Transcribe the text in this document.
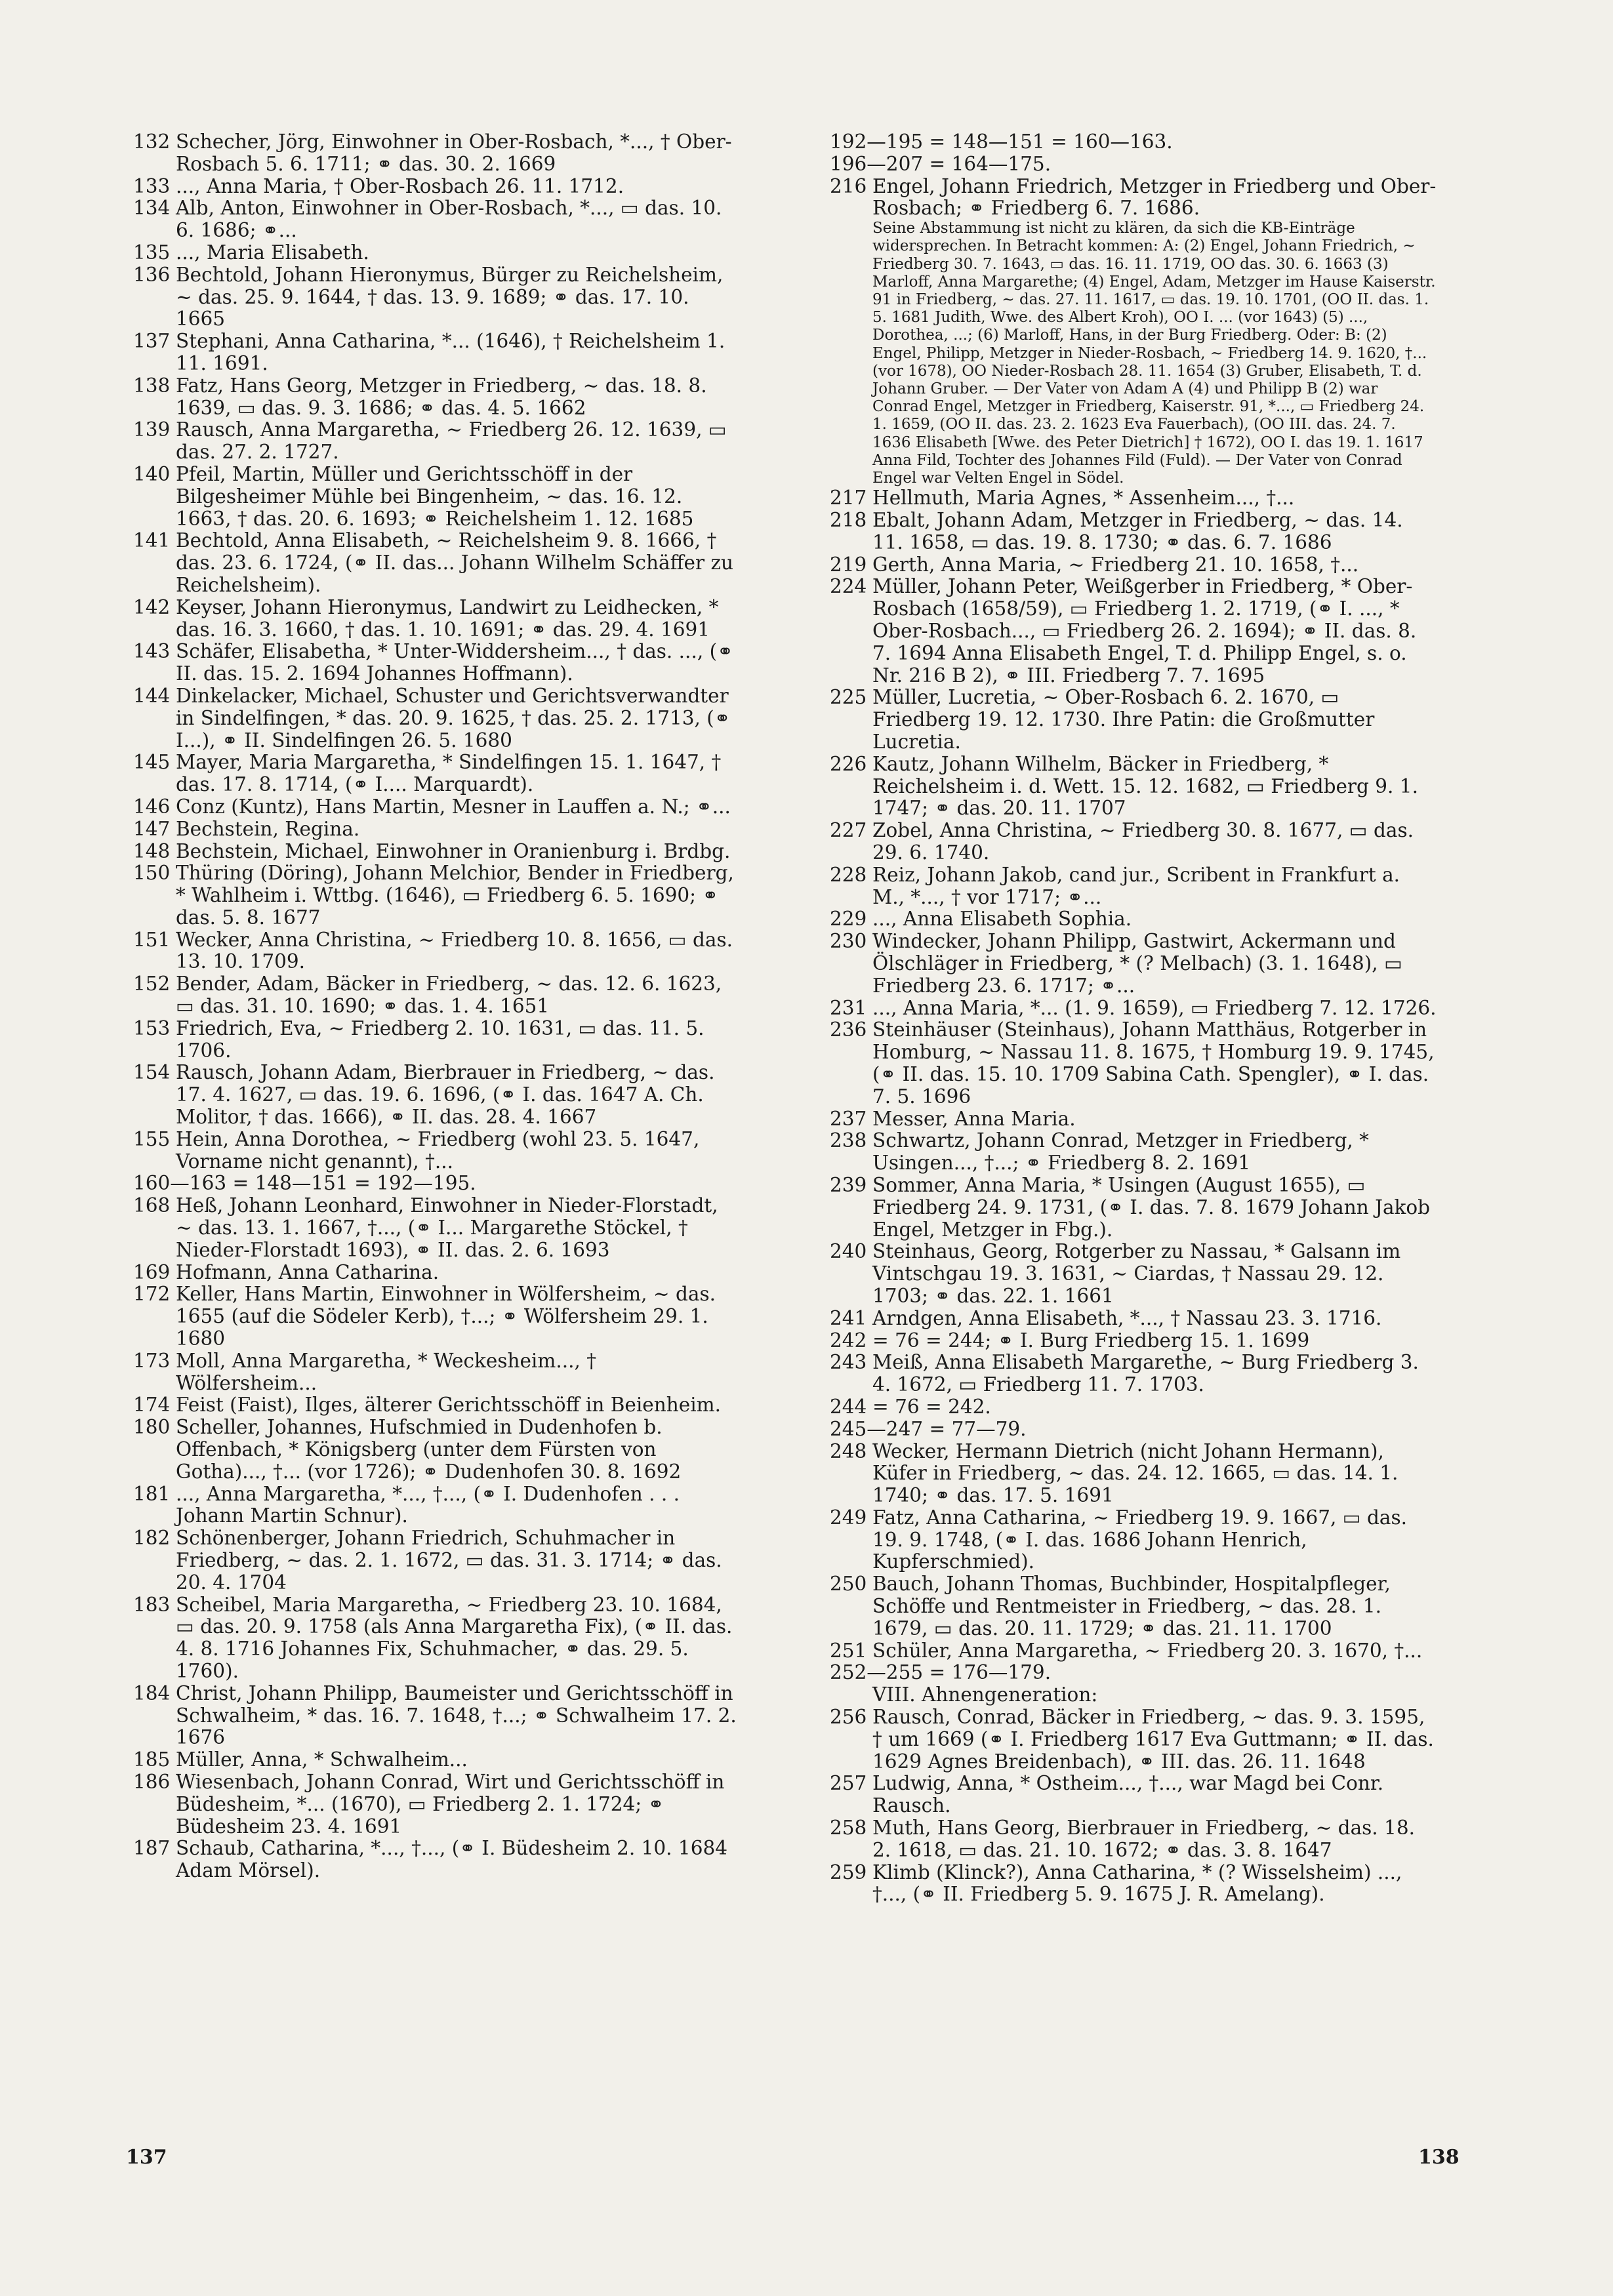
132 Schecher, Jörg, Einwohner in Ober-Rosbach, *..., † Ober-Rosbach 5. 6. 1711; ⚭ das. 30. 2. 1669

133 ..., Anna Maria, † Ober-Rosbach 26. 11. 1712.

134 Alb, Anton, Einwohner in Ober-Rosbach, *..., ▭ das. 10. 6. 1686; ⚭...

135 ..., Maria Elisabeth.

136 Bechtold, Johann Hieronymus, Bürger zu Reichelsheim, ~ das. 25. 9. 1644, † das. 13. 9. 1689; ⚭ das. 17. 10. 1665

137 Stephani, Anna Catharina, *... (1646), † Reichelsheim 1. 11. 1691.

138 Fatz, Hans Georg, Metzger in Friedberg, ~ das. 18. 8. 1639, ▭ das. 9. 3. 1686; ⚭ das. 4. 5. 1662

139 Rausch, Anna Margaretha, ~ Friedberg 26. 12. 1639, ▭ das. 27. 2. 1727.

140 Pfeil, Martin, Müller und Gerichtsschöff in der Bilgesheimer Mühle bei Bingenheim, ~ das. 16. 12. 1663, † das. 20. 6. 1693; ⚭ Reichelsheim 1. 12. 1685

141 Bechtold, Anna Elisabeth, ~ Reichelsheim 9. 8. 1666, † das. 23. 6. 1724, (⚭ II. das... Johann Wilhelm Schäffer zu Reichelsheim).

142 Keyser, Johann Hieronymus, Landwirt zu Leidhecken, * das. 16. 3. 1660, † das. 1. 10. 1691; ⚭ das. 29. 4. 1691

143 Schäfer, Elisabetha, * Unter-Widdersheim..., † das. ..., (⚭ II. das. 15. 2. 1694 Johannes Hoffmann).

144 Dinkelacker, Michael, Schuster und Gerichtsverwandter in Sindelfingen, * das. 20. 9. 1625, † das. 25. 2. 1713, (⚭ I...), ⚭ II. Sindelfingen 26. 5. 1680

145 Mayer, Maria Margaretha, * Sindelfingen 15. 1. 1647, † das. 17. 8. 1714, (⚭ I.... Marquardt).

146 Conz (Kuntz), Hans Martin, Mesner in Lauffen a. N.; ⚭...

147 Bechstein, Regina.

148 Bechstein, Michael, Einwohner in Oranienburg i. Brdbg.

150 Thüring (Döring), Johann Melchior, Bender in Friedberg, * Wahlheim i. Wttbg. (1646), ▭ Friedberg 6. 5. 1690; ⚭ das. 5. 8. 1677

151 Wecker, Anna Christina, ~ Friedberg 10. 8. 1656, ▭ das. 13. 10. 1709.

152 Bender, Adam, Bäcker in Friedberg, ~ das. 12. 6. 1623, ▭ das. 31. 10. 1690; ⚭ das. 1. 4. 1651

153 Friedrich, Eva, ~ Friedberg 2. 10. 1631, ▭ das. 11. 5. 1706.

154 Rausch, Johann Adam, Bierbrauer in Friedberg, ~ das. 17. 4. 1627, ▭ das. 19. 6. 1696, (⚭ I. das. 1647 A. Ch. Molitor, † das. 1666), ⚭ II. das. 28. 4. 1667

155 Hein, Anna Dorothea, ~ Friedberg (wohl 23. 5. 1647, Vorname nicht genannt), †...

160—163 = 148—151 = 192—195.

168 Heß, Johann Leonhard, Einwohner in Nieder-Florstadt, ~ das. 13. 1. 1667, †..., (⚭ I... Margarethe Stöckel, † Nieder-Florstadt 1693), ⚭ II. das. 2. 6. 1693

169 Hofmann, Anna Catharina.

172 Keller, Hans Martin, Einwohner in Wölfersheim, ~ das. 1655 (auf die Södeler Kerb), †...; ⚭ Wölfersheim 29. 1. 1680

173 Moll, Anna Margaretha, * Weckesheim..., † Wölfersheim...

174 Feist (Faist), Ilges, älterer Gerichtsschöff in Beienheim.

180 Scheller, Johannes, Hufschmied in Dudenhofen b. Offenbach, * Königsberg (unter dem Fürsten von Gotha)..., †... (vor 1726); ⚭ Dudenhofen 30. 8. 1692

181 ..., Anna Margaretha, *..., †..., (⚭ I. Dudenhofen . . . Johann Martin Schnur).

182 Schönenberger, Johann Friedrich, Schuhmacher in Friedberg, ~ das. 2. 1. 1672, ▭ das. 31. 3. 1714; ⚭ das. 20. 4. 1704

183 Scheibel, Maria Margaretha, ~ Friedberg 23. 10. 1684, ▭ das. 20. 9. 1758 (als Anna Margaretha Fix), (⚭ II. das. 4. 8. 1716 Johannes Fix, Schuhmacher, ⚭ das. 29. 5. 1760).

184 Christ, Johann Philipp, Baumeister und Gerichtsschöff in Schwalheim, * das. 16. 7. 1648, †...; ⚭ Schwalheim 17. 2. 1676

185 Müller, Anna, * Schwalheim...

186 Wiesenbach, Johann Conrad, Wirt und Gerichtsschöff in Büdesheim, *... (1670), ▭ Friedberg 2. 1. 1724; ⚭ Büdesheim 23. 4. 1691

187 Schaub, Catharina, *..., †..., (⚭ I. Büdesheim 2. 10. 1684 Adam Mörsel).

192—195 = 148—151 = 160—163.

196—207 = 164—175.

216 Engel, Johann Friedrich, Metzger in Friedberg und Ober-Rosbach; ⚭ Friedberg 6. 7. 1686.

Seine Abstammung ist nicht zu klären, da sich die KB-Einträge widersprechen. In Betracht kommen: A: (2) Engel, Johann Friedrich, ~ Friedberg 30. 7. 1643, ▭ das. 16. 11. 1719, OO das. 30. 6. 1663 (3) Marloff, Anna Margarethe; (4) Engel, Adam, Metzger im Hause Kaiserstr. 91 in Friedberg, ~ das. 27. 11. 1617, ▭ das. 19. 10. 1701, (OO II. das. 1. 5. 1681 Judith, Wwe. des Albert Kroh), OO I. ... (vor 1643) (5) ..., Dorothea, ...; (6) Marloff, Hans, in der Burg Friedberg. Oder: B: (2) Engel, Philipp, Metzger in Nieder-Rosbach, ~ Friedberg 14. 9. 1620, †... (vor 1678), OO Nieder-Rosbach 28. 11. 1654 (3) Gruber, Elisabeth, T. d. Johann Gruber. — Der Vater von Adam A (4) und Philipp B (2) war Conrad Engel, Metzger in Friedberg, Kaiserstr. 91, *..., ▭ Friedberg 24. 1. 1659, (OO II. das. 23. 2. 1623 Eva Fauerbach), (OO III. das. 24. 7. 1636 Elisabeth [Wwe. des Peter Dietrich] † 1672), OO I. das 19. 1. 1617 Anna Fild, Tochter des Johannes Fild (Fuld). — Der Vater von Conrad Engel war Velten Engel in Södel.

217 Hellmuth, Maria Agnes, * Assenheim..., †...

218 Ebalt, Johann Adam, Metzger in Friedberg, ~ das. 14. 11. 1658, ▭ das. 19. 8. 1730; ⚭ das. 6. 7. 1686

219 Gerth, Anna Maria, ~ Friedberg 21. 10. 1658, †...

224 Müller, Johann Peter, Weißgerber in Friedberg, * Ober-Rosbach (1658/59), ▭ Friedberg 1. 2. 1719, (⚭ I. ..., * Ober-Rosbach..., ▭ Friedberg 26. 2. 1694); ⚭ II. das. 8. 7. 1694 Anna Elisabeth Engel, T. d. Philipp Engel, s. o. Nr. 216 B 2), ⚭ III. Friedberg 7. 7. 1695

225 Müller, Lucretia, ~ Ober-Rosbach 6. 2. 1670, ▭ Friedberg 19. 12. 1730. Ihre Patin: die Großmutter Lucretia.

226 Kautz, Johann Wilhelm, Bäcker in Friedberg, * Reichelsheim i. d. Wett. 15. 12. 1682, ▭ Friedberg 9. 1. 1747; ⚭ das. 20. 11. 1707

227 Zobel, Anna Christina, ~ Friedberg 30. 8. 1677, ▭ das. 29. 6. 1740.

228 Reiz, Johann Jakob, cand jur., Scribent in Frankfurt a. M., *..., † vor 1717; ⚭...

229 ..., Anna Elisabeth Sophia.

230 Windecker, Johann Philipp, Gastwirt, Ackermann und Ölschläger in Friedberg, * (? Melbach) (3. 1. 1648), ▭ Friedberg 23. 6. 1717; ⚭...

231 ..., Anna Maria, *... (1. 9. 1659), ▭ Friedberg 7. 12. 1726.

236 Steinhäuser (Steinhaus), Johann Matthäus, Rotgerber in Homburg, ~ Nassau 11. 8. 1675, † Homburg 19. 9. 1745, (⚭ II. das. 15. 10. 1709 Sabina Cath. Spengler), ⚭ I. das. 7. 5. 1696

237 Messer, Anna Maria.

238 Schwartz, Johann Conrad, Metzger in Friedberg, * Usingen..., †...; ⚭ Friedberg 8. 2. 1691

239 Sommer, Anna Maria, * Usingen (August 1655), ▭ Friedberg 24. 9. 1731, (⚭ I. das. 7. 8. 1679 Johann Jakob Engel, Metzger in Fbg.).

240 Steinhaus, Georg, Rotgerber zu Nassau, * Galsann im Vintschgau 19. 3. 1631, ~ Ciardas, † Nassau 29. 12. 1703; ⚭ das. 22. 1. 1661

241 Arndgen, Anna Elisabeth, *..., † Nassau 23. 3. 1716.

242 = 76 = 244; ⚭ I. Burg Friedberg 15. 1. 1699

243 Meiß, Anna Elisabeth Margarethe, ~ Burg Friedberg 3. 4. 1672, ▭ Friedberg 11. 7. 1703.

244 = 76 = 242.

245—247 = 77—79.

248 Wecker, Hermann Dietrich (nicht Johann Hermann), Küfer in Friedberg, ~ das. 24. 12. 1665, ▭ das. 14. 1. 1740; ⚭ das. 17. 5. 1691

249 Fatz, Anna Catharina, ~ Friedberg 19. 9. 1667, ▭ das. 19. 9. 1748, (⚭ I. das. 1686 Johann Henrich, Kupferschmied).

250 Bauch, Johann Thomas, Buchbinder, Hospitalpfleger, Schöffe und Rentmeister in Friedberg, ~ das. 28. 1. 1679, ▭ das. 20. 11. 1729; ⚭ das. 21. 11. 1700

251 Schüler, Anna Margaretha, ~ Friedberg 20. 3. 1670, †...

252—255 = 176—179.

VIII. Ahnengeneration:

256 Rausch, Conrad, Bäcker in Friedberg, ~ das. 9. 3. 1595, † um 1669 (⚭ I. Friedberg 1617 Eva Guttmann; ⚭ II. das. 1629 Agnes Breidenbach), ⚭ III. das. 26. 11. 1648

257 Ludwig, Anna, * Ostheim..., †..., war Magd bei Conr. Rausch.

258 Muth, Hans Georg, Bierbrauer in Friedberg, ~ das. 18. 2. 1618, ▭ das. 21. 10. 1672; ⚭ das. 3. 8. 1647

259 Klimb (Klinck?), Anna Catharina, * (? Wisselsheim) ..., †..., (⚭ II. Friedberg 5. 9. 1675 J. R. Amelang).

137	138
